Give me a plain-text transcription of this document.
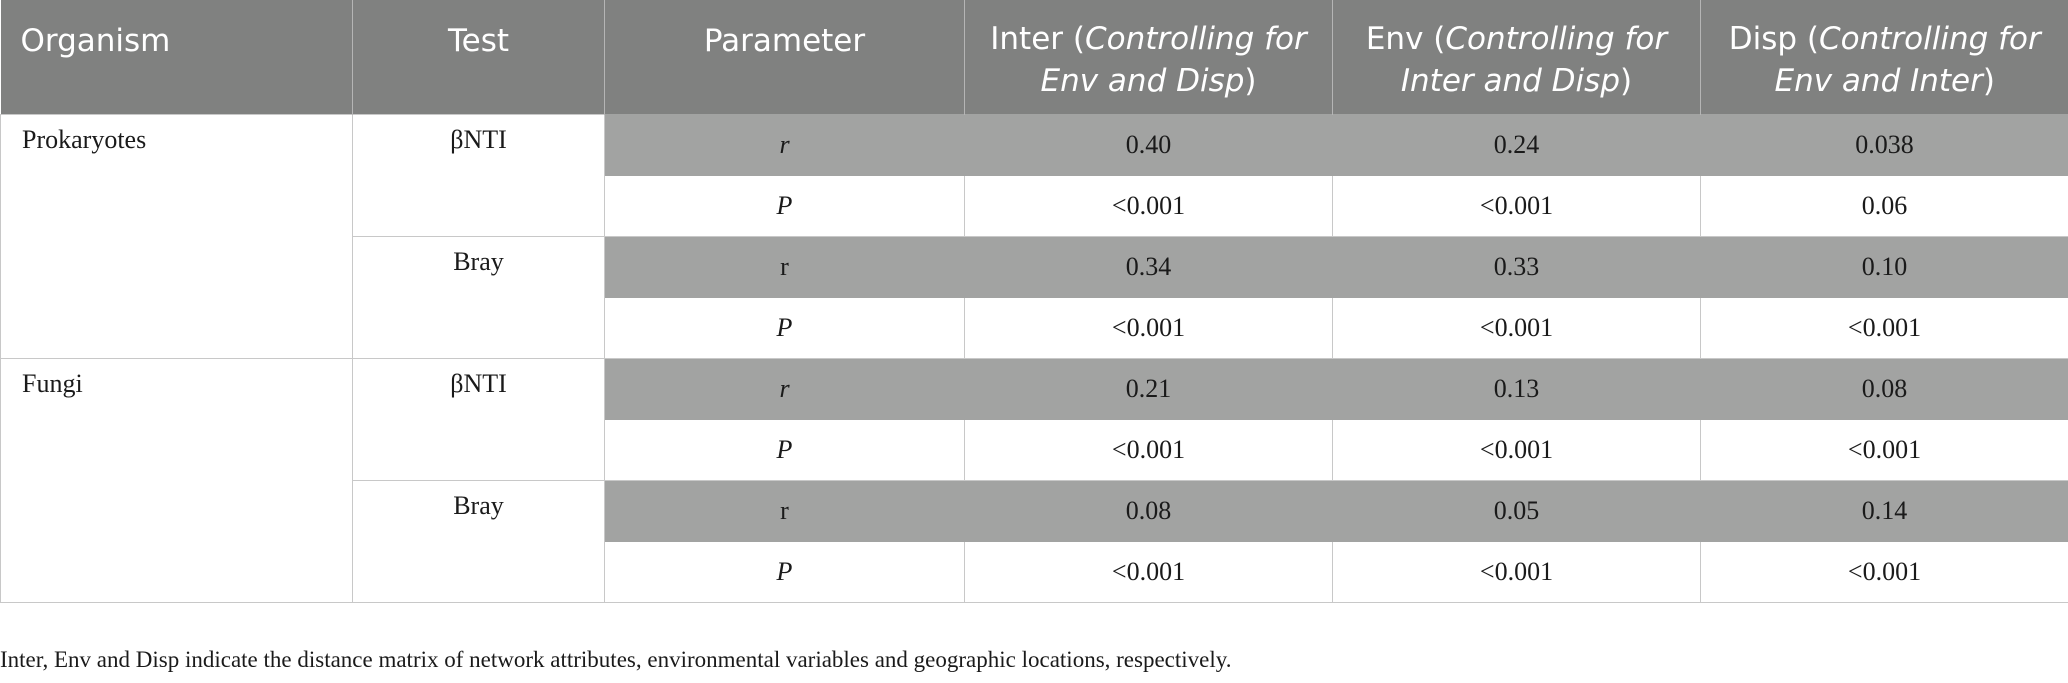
Organism	Test	Parameter	Inter (Controlling for Env and Disp)	Env (Controlling for Inter and Disp)	Disp (Controlling for Env and Inter)
Prokaryotes	βNTI	r	0.40	0.24	0.038
		P	<0.001	<0.001	0.06
	Bray	r	0.34	0.33	0.10
		P	<0.001	<0.001	<0.001
Fungi	βNTI	r	0.21	0.13	0.08
		P	<0.001	<0.001	<0.001
	Bray	r	0.08	0.05	0.14
		P	<0.001	<0.001	<0.001
Inter, Env and Disp indicate the distance matrix of network attributes, environmental variables and geographic locations, respectively.
